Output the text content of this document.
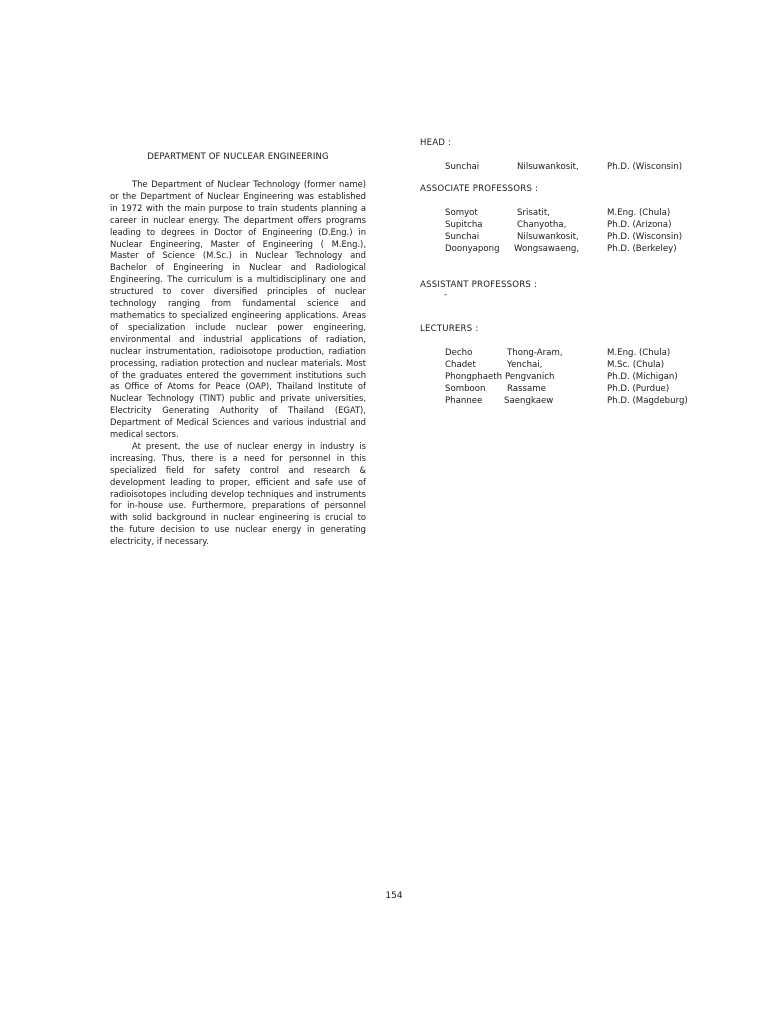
DEPARTMENT OF NUCLEAR ENGINEERING

The Department of Nuclear Technology (former name) or the Department of Nuclear Engineering was established in 1972 with the main purpose to train students planning a career in nuclear energy. The department offers programs leading to degrees in Doctor of Engineering (D.Eng.) in Nuclear Engineering, Master of Engineering ( M.Eng.), Master of Science (M.Sc.) in Nuclear Technology and Bachelor of Engineering in Nuclear and Radiological Engineering. The curriculum is a multidisciplinary one and structured to cover diversified principles of nuclear technology ranging from fundamental science and mathematics to specialized engineering applications. Areas of specialization include nuclear power engineering, environmental and industrial applications of radiation, nuclear instrumentation, radioisotope production, radiation processing, radiation protection and nuclear materials. Most of the graduates entered the government institutions such as Office of Atoms for Peace (OAP), Thailand Institute of Nuclear Technology (TINT) public and private universities, Electricity Generating Authority of Thailand (EGAT), Department of Medical Sciences and various industrial and medical sectors.

At present, the use of nuclear energy in industry is increasing. Thus, there is a need for personnel in this specialized field for safety control and research & development leading to proper, efficient and safe use of radioisotopes including develop techniques and instruments for in-house use. Furthermore, preparations of personnel with solid background in nuclear engineering is crucial to the future decision to use nuclear energy in generating electricity, if necessary.

HEAD :
Sunchai	Nilsuwankosit,	Ph.D. (Wisconsin)
ASSOCIATE PROFESSORS :
Somyot	Srisatit,	M.Eng. (Chula)
Supitcha	Chanyotha,	Ph.D. (Arizona)
Sunchai	Nilsuwankosit,	Ph.D. (Wisconsin)
Doonyapong Wongsawaeng,	Ph.D. (Berkeley)
ASSISTANT PROFESSORS :
-
LECTURERS :
Decho	Thong-Aram,	M.Eng. (Chula)
Chadet	Yenchai,	M.Sc. (Chula)
Phongphaeth Pengvanich	Ph.D. (Michigan)
Somboon Rassame	Ph.D. (Purdue)
Phannee	Saengkaew	Ph.D. (Magdeburg)
154
